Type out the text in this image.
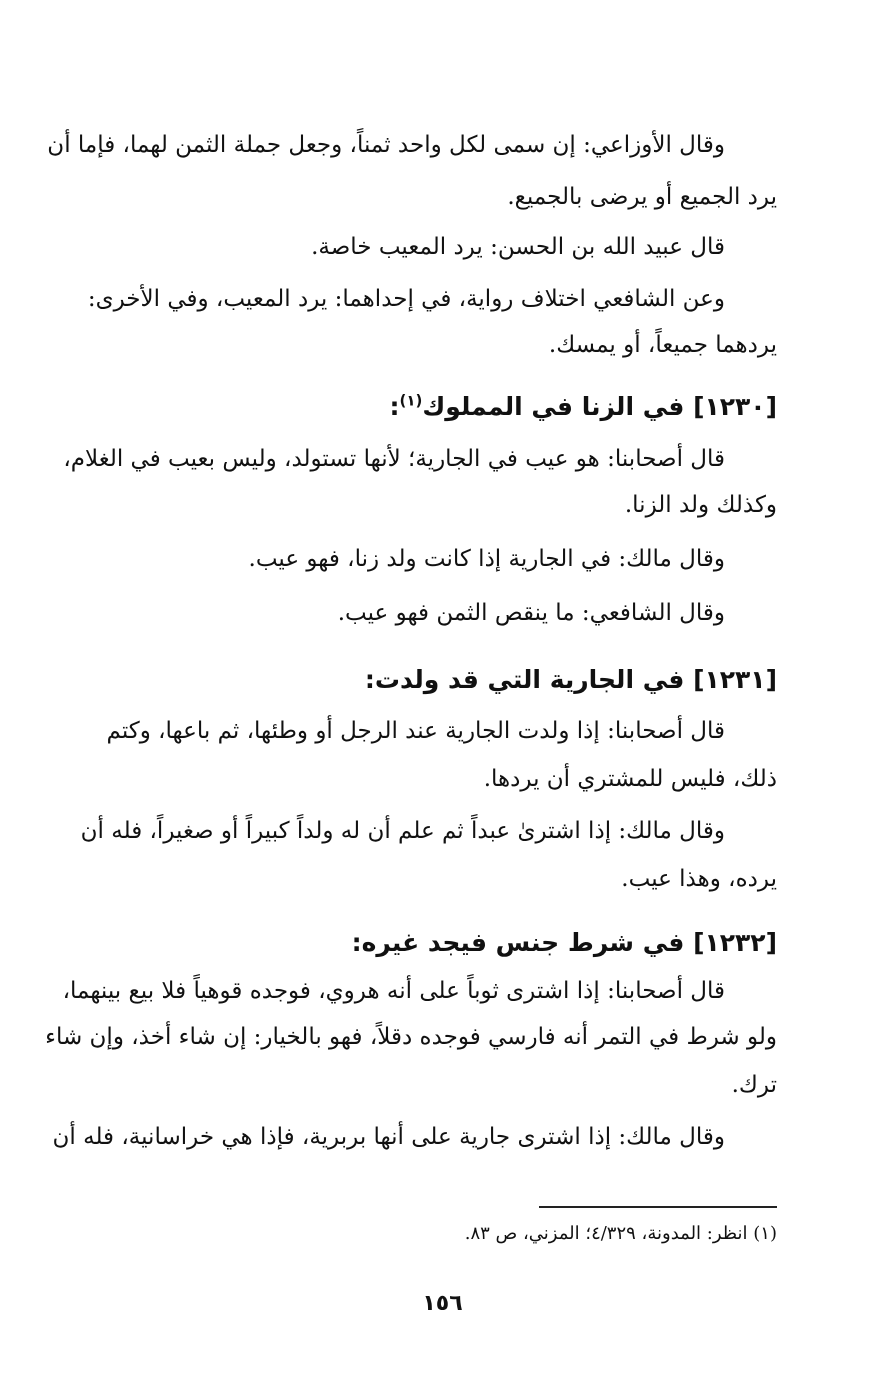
وقال الأوزاعي: إن سمى لكل واحد ثمناً، وجعل جملة الثمن لهما، فإما أن
يرد الجميع أو يرضى بالجميع.
قال عبيد الله بن الحسن: يرد المعيب خاصة.
وعن الشافعي اختلاف رواية، في إحداهما: يرد المعيب، وفي الأخرى:
يردهما جميعاً، أو يمسك.
[١٢٣٠] في الزنا في المملوك$^{(١)}$:
قال أصحابنا: هو عيب في الجارية؛ لأنها تستولد، وليس بعيب في الغلام،
وكذلك ولد الزنا.
وقال مالك: في الجارية إذا كانت ولد زنا، فهو عيب.
وقال الشافعي: ما ينقص الثمن فهو عيب.
[١٢٣١] في الجارية التي قد ولدت:
قال أصحابنا: إذا ولدت الجارية عند الرجل أو وطئها، ثم باعها، وكتم
ذلك، فليس للمشتري أن يردها.
وقال مالك: إذا اشترىٰ عبداً ثم علم أن له ولداً كبيراً أو صغيراً، فله أن
يرده، وهذا عيب.
[١٢٣٢] في شرط جنس فيجد غيره:
قال أصحابنا: إذا اشترى ثوباً على أنه هروي، فوجده قوهياً فلا بيع بينهما،
ولو شرط في التمر أنه فارسي فوجده دقلاً، فهو بالخيار: إن شاء أخذ، وإن شاء
ترك.
وقال مالك: إذا اشترى جارية على أنها بربرية، فإذا هي خراسانية، فله أن
(١) انظر: المدونة، ٤/٣٢٩؛ المزني، ص ٨٣.
١٥٦
